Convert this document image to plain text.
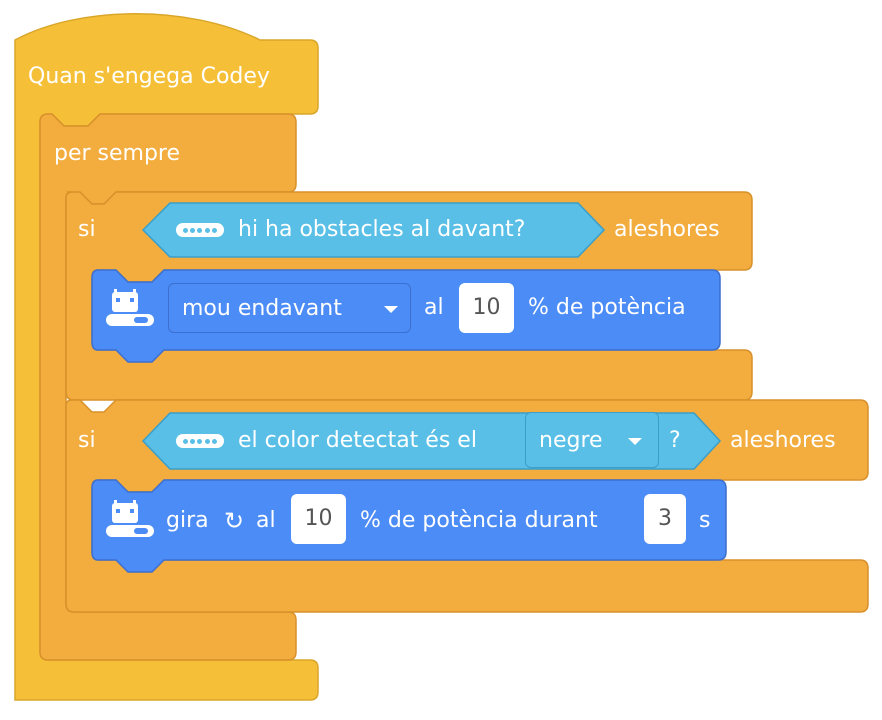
Quan s'engega Codey
per sempre
si	hi ha obstacles al davant?	aleshores
mou endavant	al	10	% de potència
si	el color detectat és el	negre	? aleshores
gira ↻ al	10	% de potència durant	3	s
